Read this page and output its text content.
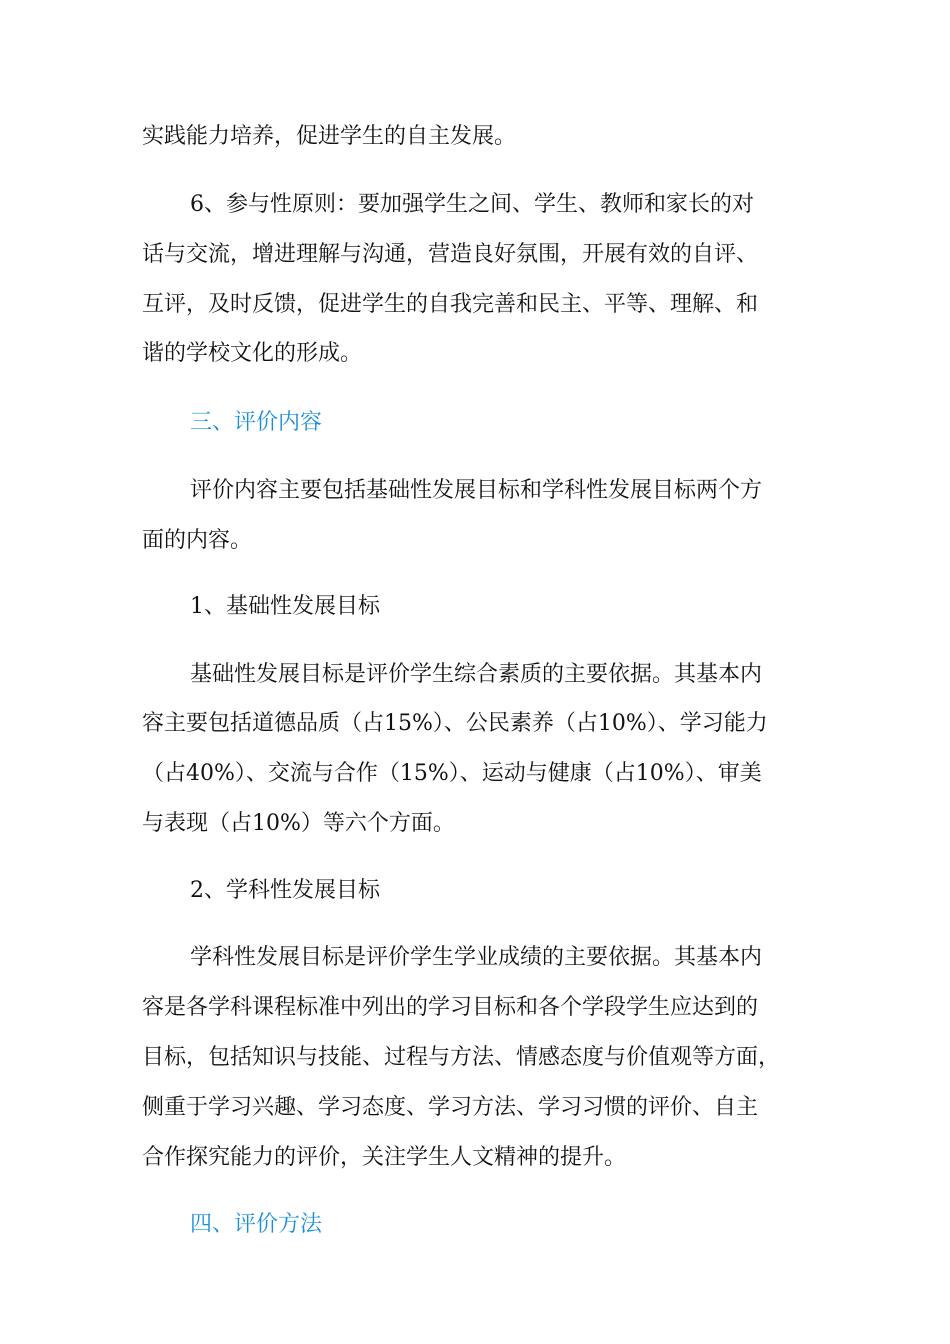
实践能力培养，促进学生的自主发展。
6、参与性原则：要加强学生之间、学生、教师和家长的对
话与交流，增进理解与沟通，营造良好氛围，开展有效的自评、
互评，及时反馈，促进学生的自我完善和民主、平等、理解、和
谐的学校文化的形成。
三、评价内容
评价内容主要包括基础性发展目标和学科性发展目标两个方
面的内容。
1、基础性发展目标
基础性发展目标是评价学生综合素质的主要依据。其基本内
容主要包括道德品质（占15%）、公民素养（占10%）、学习能力
（占40%）、交流与合作（15%）、运动与健康（占10%）、审美
与表现（占10%）等六个方面。
2、学科性发展目标
学科性发展目标是评价学生学业成绩的主要依据。其基本内
容是各学科课程标准中列出的学习目标和各个学段学生应达到的
目标，包括知识与技能、过程与方法、情感态度与价值观等方面，
侧重于学习兴趣、学习态度、学习方法、学习习惯的评价、自主
合作探究能力的评价，关注学生人文精神的提升。
四、评价方法
